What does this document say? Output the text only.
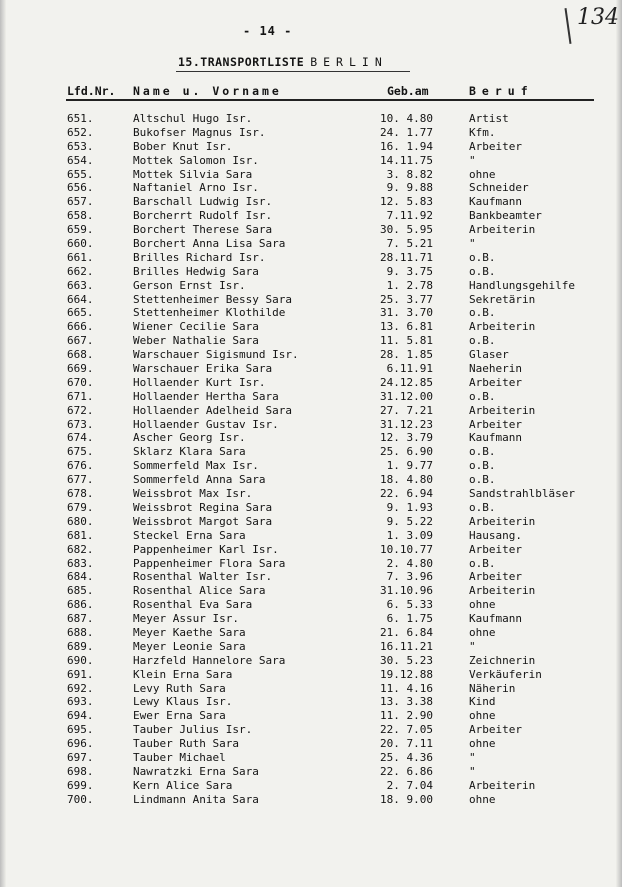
- 14 -
134
15.TRANSPORTLISTE BERLIN
Lfd.Nr. Name u. Vorname	Geb.am	Beruf
651.	Altschul Hugo Isr.	10. 4.80	Artist
652.	Bukofser Magnus Isr.	24. 1.77	Kfm.
653.	Bober Knut Isr.	16. 1.94	Arbeiter
654.	Mottek Salomon Isr.	14.11.75	"
655.	Mottek Silvia Sara	3. 8.82	ohne
656.	Naftaniel Arno Isr.	9. 9.88	Schneider
657.	Barschall Ludwig Isr.	12. 5.83	Kaufmann
658.	Borcherrt Rudolf Isr.	7.11.92	Bankbeamter
659.	Borchert Therese Sara	30. 5.95	Arbeiterin
660.	Borchert Anna Lisa Sara	7. 5.21	"
661.	Brilles Richard Isr.	28.11.71	o.B.
662.	Brilles Hedwig Sara	9. 3.75	o.B.
663.	Gerson Ernst Isr.	1. 2.78	Handlungsgehilfe
664.	Stettenheimer Bessy Sara	25. 3.77	Sekretärin
665.	Stettenheimer Klothilde	31. 3.70	o.B.
666.	Wiener Cecilie Sara	13. 6.81	Arbeiterin
667.	Weber Nathalie Sara	11. 5.81	o.B.
668.	Warschauer Sigismund Isr.	28. 1.85	Glaser
669.	Warschauer Erika Sara	6.11.91	Naeherin
670.	Hollaender Kurt Isr.	24.12.85	Arbeiter
671.	Hollaender Hertha Sara	31.12.00	o.B.
672.	Hollaender Adelheid Sara	27. 7.21	Arbeiterin
673.	Hollaender Gustav Isr.	31.12.23	Arbeiter
674.	Ascher Georg Isr.	12. 3.79	Kaufmann
675.	Sklarz Klara Sara	25. 6.90	o.B.
676.	Sommerfeld Max Isr.	1. 9.77	o.B.
677.	Sommerfeld Anna Sara	18. 4.80	o.B.
678.	Weissbrot Max Isr.	22. 6.94	Sandstrahlbläser
679.	Weissbrot Regina Sara	9. 1.93	o.B.
680.	Weissbrot Margot Sara	9. 5.22	Arbeiterin
681.	Steckel Erna Sara	1. 3.09	Hausang.
682.	Pappenheimer Karl Isr.	10.10.77	Arbeiter
683.	Pappenheimer Flora Sara	2. 4.80	o.B.
684.	Rosenthal Walter Isr.	7. 3.96	Arbeiter
685.	Rosenthal Alice Sara	31.10.96	Arbeiterin
686.	Rosenthal Eva Sara	6. 5.33	ohne
687.	Meyer Assur Isr.	6. 1.75	Kaufmann
688.	Meyer Kaethe Sara	21. 6.84	ohne
689.	Meyer Leonie Sara	16.11.21	"
690.	Harzfeld Hannelore Sara	30. 5.23	Zeichnerin
691.	Klein Erna Sara	19.12.88	Verkäuferin
692.	Levy Ruth Sara	11. 4.16	Näherin
693.	Lewy Klaus Isr.	13. 3.38	Kind
694.	Ewer Erna Sara	11. 2.90	ohne
695.	Tauber Julius Isr.	22. 7.05	Arbeiter
696.	Tauber Ruth Sara	20. 7.11	ohne
697.	Tauber Michael	25. 4.36	"
698.	Nawratzki Erna Sara	22. 6.86	"
699.	Kern Alice Sara	2. 7.04	Arbeiterin
700.	Lindmann Anita Sara	18. 9.00	ohne
